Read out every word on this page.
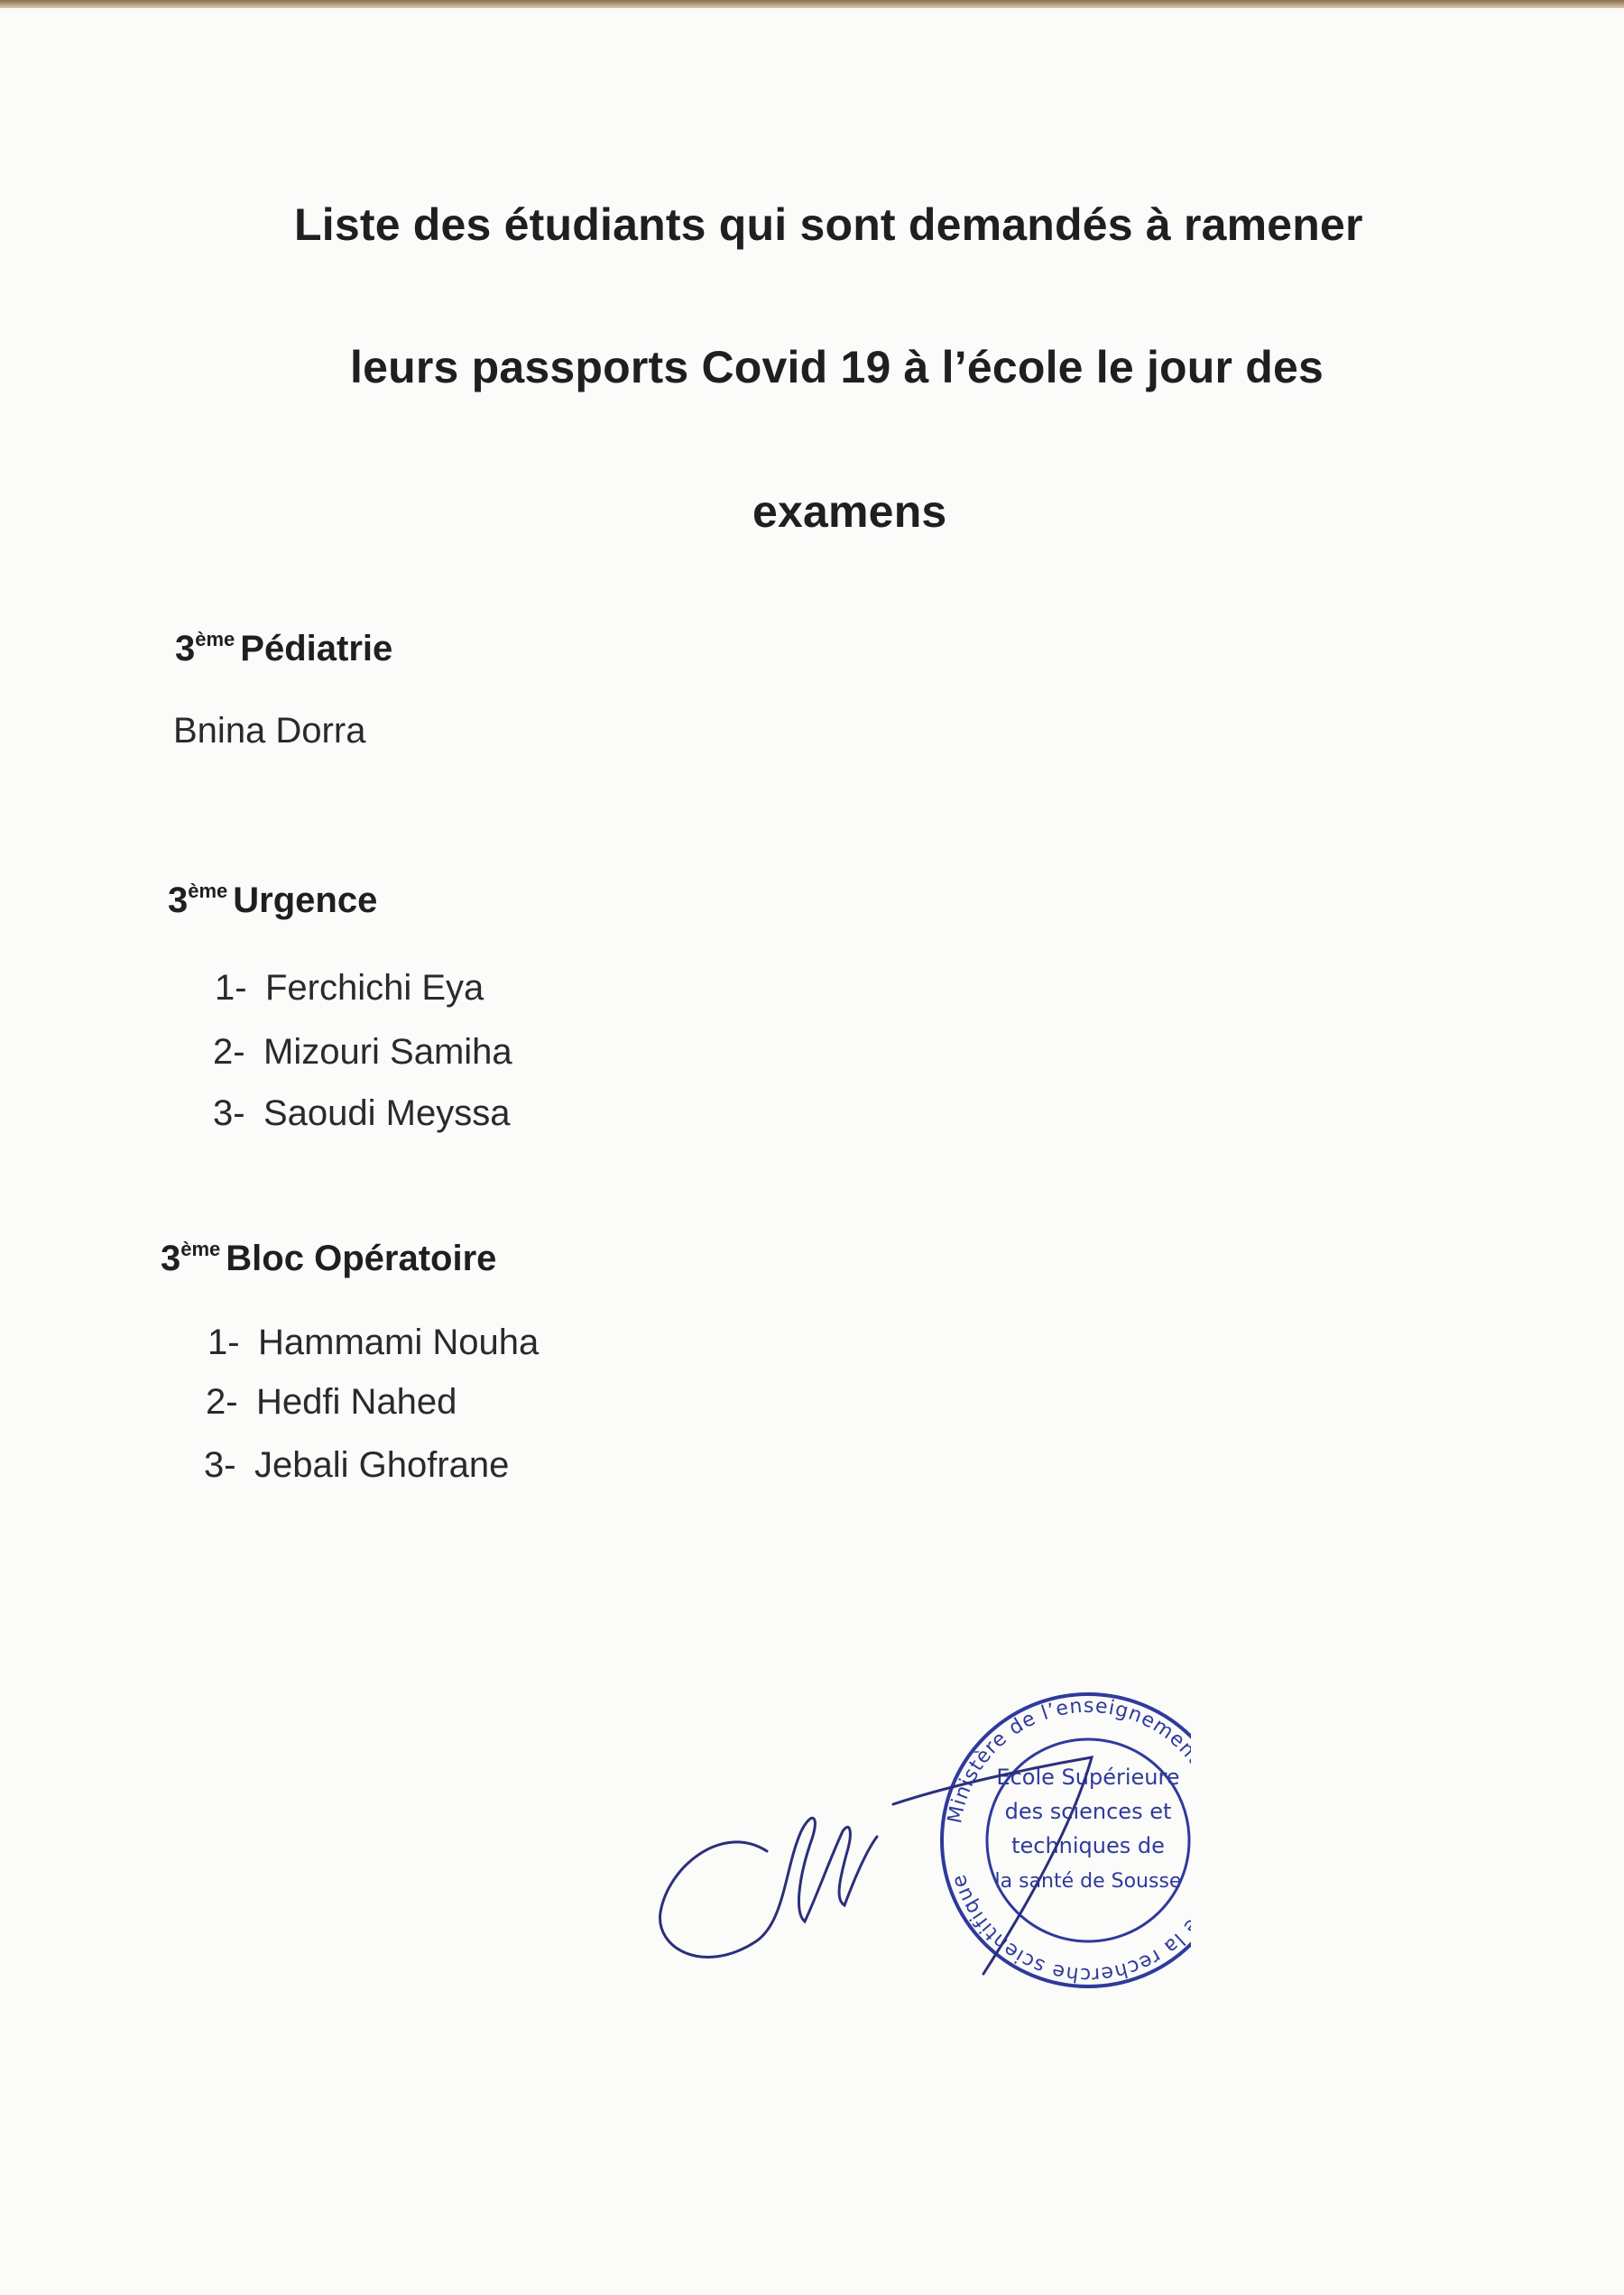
Liste des étudiants qui sont demandés à ramener
leurs passports Covid 19 à l’école le jour des
examens
3ème Pédiatrie
Bnina Dorra
3ème Urgence
1- Ferchichi Eya
2- Mizouri Samiha
3- Saoudi Meyssa
3ème Bloc Opératoire
1- Hammami Nouha
2- Hedfi Nahed
3- Jebali Ghofrane
Ministère de l’enseigneme la recherche scientifique
Ecole Supérieure
des sciences et
techniques de
la santé de Sousse
